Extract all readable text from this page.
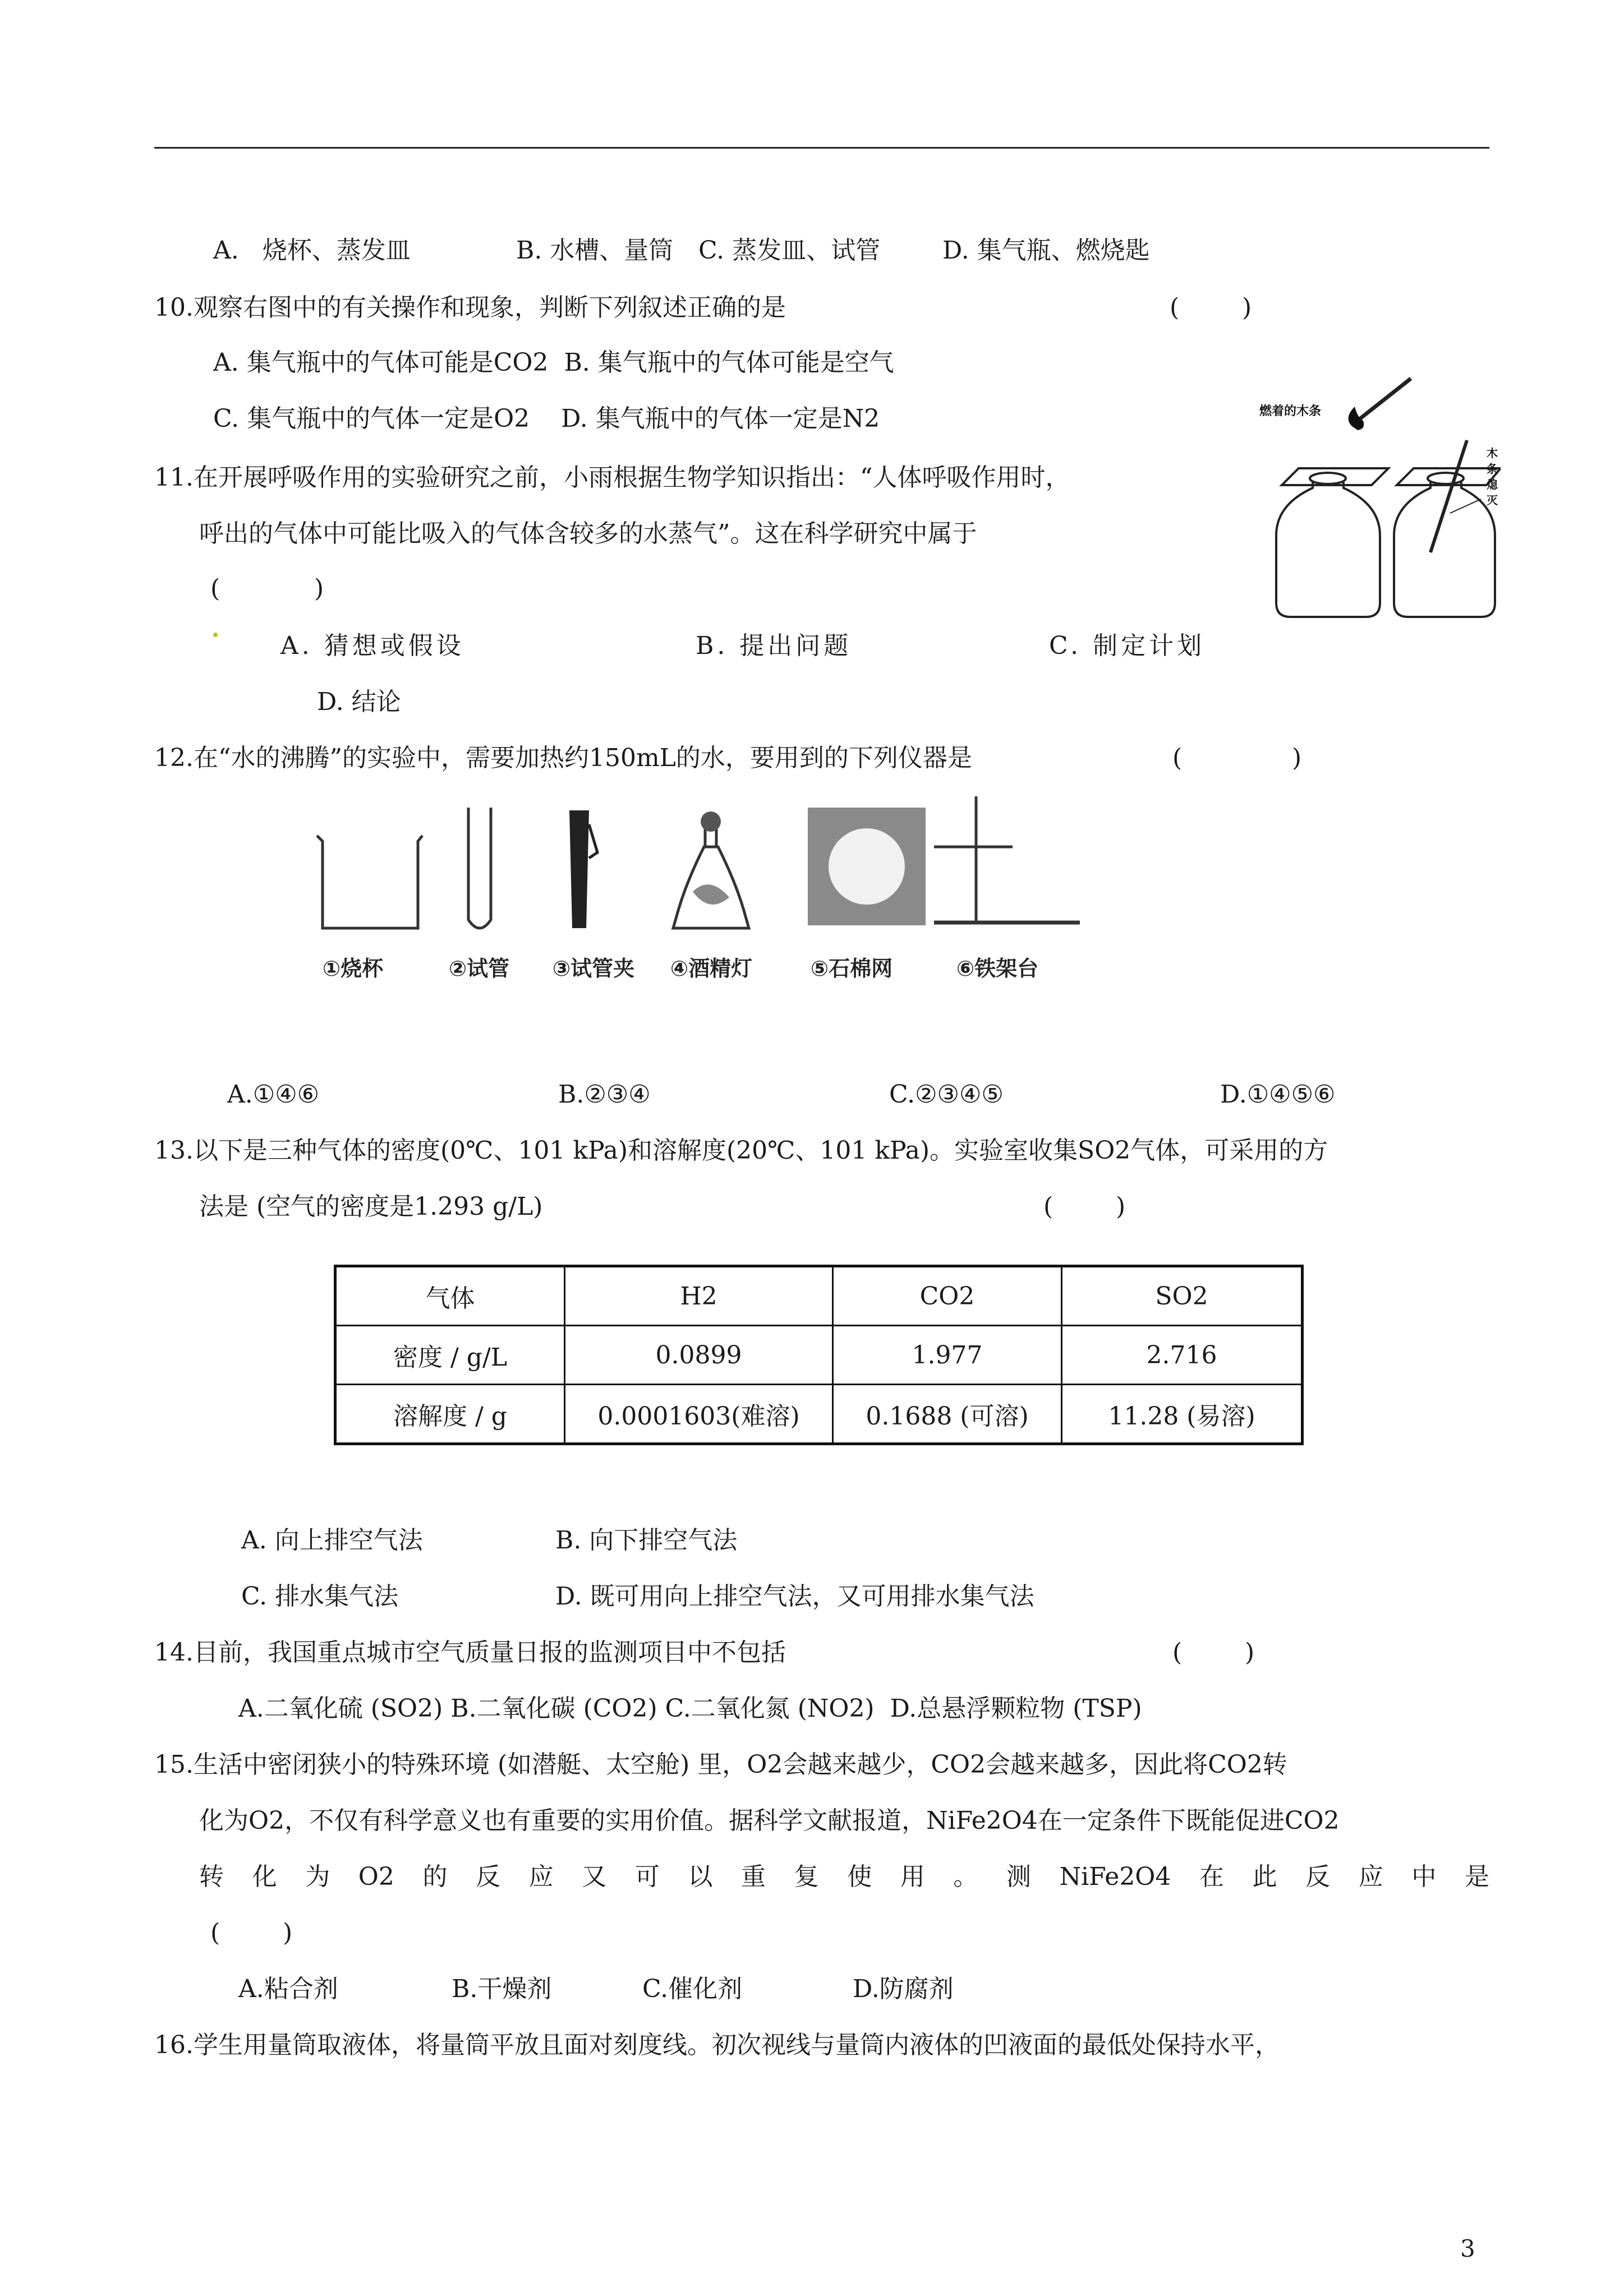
A.   烧杯、蒸发皿	B. 水槽、量筒 C. 蒸发皿、试管	D. 集气瓶、燃烧匙
10.观察右图中的有关操作和现象，判断下列叙述正确的是	(        )
A. 集气瓶中的气体可能是CO2  B. 集气瓶中的气体可能是空气
C. 集气瓶中的气体一定是O2    D. 集气瓶中的气体一定是N2	燃着的木条
木
条
熄
灭
11.在开展呼吸作用的实验研究之前，小雨根据生物学知识指出：“人体呼吸作用时，
呼出的气体中可能比吸入的气体含较多的水蒸气”。这在科学研究中属于
(            )
A. 猜想或假设	B. 提出问题	C. 制定计划
D. 结论
12.在“水的沸腾”的实验中，需要加热约150mL的水，要用到的下列仪器是	(              )
①烧杯	②试管 ③试管夹 ④酒精灯	⑤石棉网	⑥铁架台
A.①④⑥	B.②③④	C.②③④⑤	D.①④⑤⑥
13.以下是三种气体的密度(0℃、101 kPa)和溶解度(20℃、101 kPa)。实验室收集SO2气体，可采用的方
法是 (空气的密度是1.293 g/L)	(        )
气体	H2	CO2	SO2
密度 / g/L	0.0899	1.977	2.716
溶解度 / g	0.0001603(难溶)	0.1688 (可溶)	11.28 (易溶)
A. 向上排空气法	B. 向下排空气法
C. 排水集气法	D. 既可用向上排空气法，又可用排水集气法
14.目前，我国重点城市空气质量日报的监测项目中不包括	(        )
A.二氧化硫 (SO2) B.二氧化碳 (CO2) C.二氧化氮 (NO2)  D.总悬浮颗粒物 (TSP)
15.生活中密闭狭小的特殊环境 (如潜艇、太空舱) 里，O2会越来越少，CO2会越来越多，因此将CO2转
化为O2，不仅有科学意义也有重要的实用价值。据科学文献报道，NiFe2O4在一定条件下既能促进CO2
转 化 为 O2 的 反 应 又 可 以 重 复 使 用 。 测 NiFe2O4 在 此 反 应 中 是
(        )
A.粘合剂	B.干燥剂	C.催化剂	D.防腐剂
16.学生用量筒取液体，将量筒平放且面对刻度线。初次视线与量筒内液体的凹液面的最低处保持水平，
3
